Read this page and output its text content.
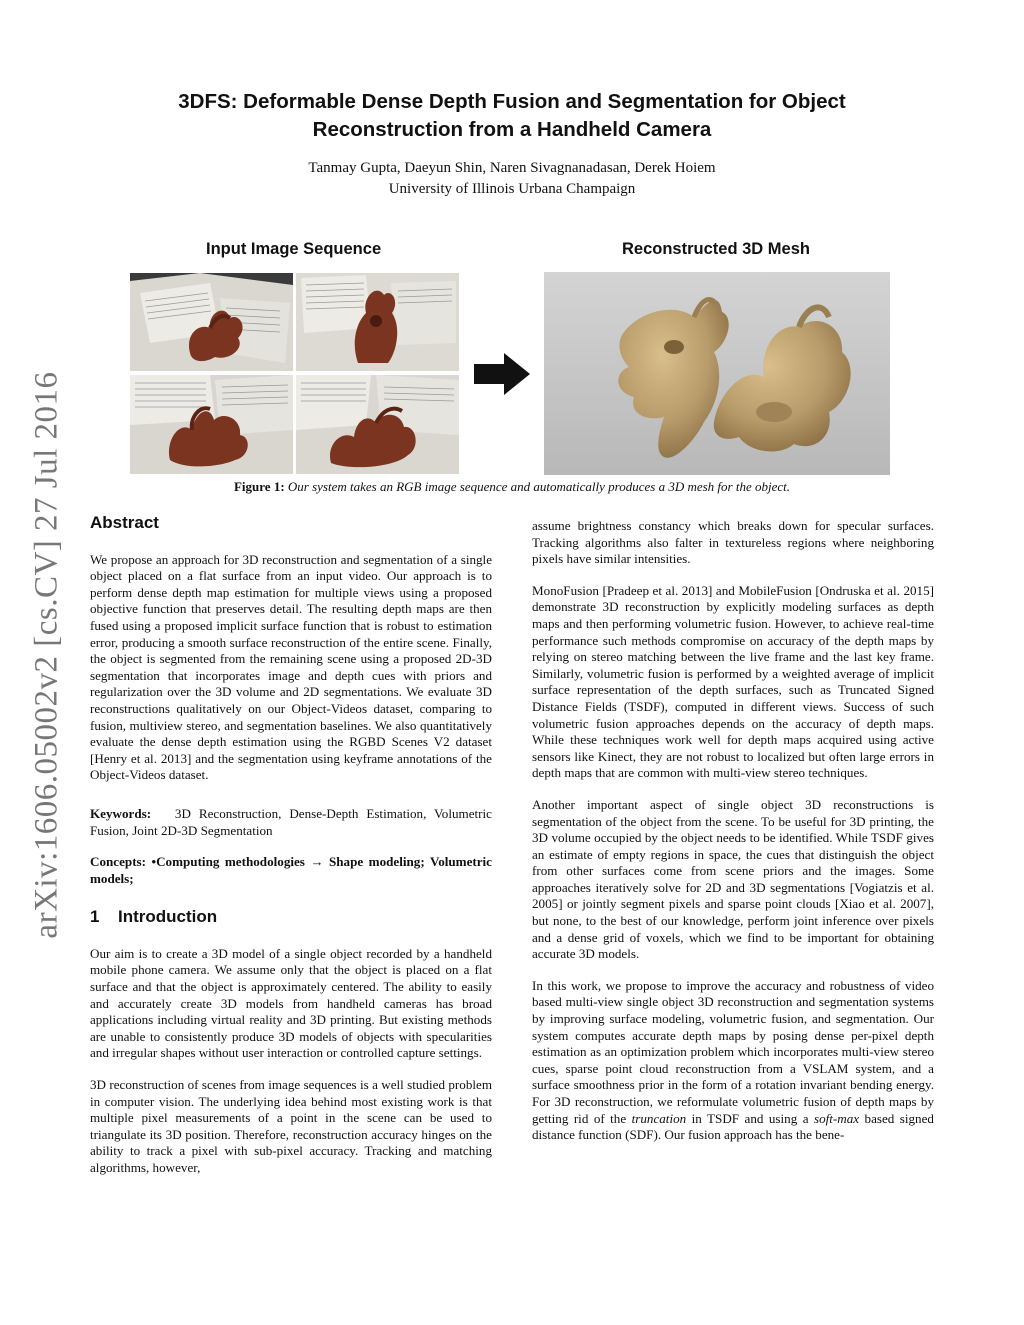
arXiv:1606.05002v2 [cs.CV] 27 Jul 2016
3DFS: Deformable Dense Depth Fusion and Segmentation for Object
Reconstruction from a Handheld Camera
Tanmay Gupta, Daeyun Shin, Naren Sivagnanadasan, Derek Hoiem
University of Illinois Urbana Champaign
Input Image Sequence	Reconstructed 3D Mesh
Figure 1: Our system takes an RGB image sequence and automatically produces a 3D mesh for the object.
Abstract

We propose an approach for 3D reconstruction and segmentation of a single object placed on a flat surface from an input video. Our approach is to perform dense depth map estimation for multiple views using a proposed objective function that preserves detail. The resulting depth maps are then fused using a proposed implicit surface function that is robust to estimation error, producing a smooth surface reconstruction of the entire scene. Finally, the object is segmented from the remaining scene using a proposed 2D-3D segmentation that incorporates image and depth cues with priors and regularization over the 3D volume and 2D segmentations. We evaluate 3D reconstructions qualitatively on our Object-Videos dataset, comparing to fusion, multiview stereo, and segmentation baselines. We also quantitatively evaluate the dense depth estimation using the RGBD Scenes V2 dataset [Henry et al. 2013] and the segmentation using keyframe annotations of the Object-Videos dataset.

Keywords: 3D Reconstruction, Dense-Depth Estimation, Volumetric Fusion, Joint 2D-3D Segmentation

Concepts: •Computing methodologies → Shape modeling; Volumetric models;

1 Introduction

Our aim is to create a 3D model of a single object recorded by a handheld mobile phone camera. We assume only that the object is placed on a flat surface and that the object is approximately centered. The ability to easily and accurately create 3D models from handheld cameras has broad applications including virtual reality and 3D printing. But existing methods are unable to consistently produce 3D models of objects with specularities and irregular shapes without user interaction or controlled capture settings.

3D reconstruction of scenes from image sequences is a well studied problem in computer vision. The underlying idea behind most existing work is that multiple pixel measurements of a point in the scene can be used to triangulate its 3D position. Therefore, reconstruction accuracy hinges on the ability to track a pixel with sub-pixel accuracy. Tracking and matching algorithms, however,

assume brightness constancy which breaks down for specular surfaces. Tracking algorithms also falter in textureless regions where neighboring pixels have similar intensities.

MonoFusion [Pradeep et al. 2013] and MobileFusion [Ondruska et al. 2015] demonstrate 3D reconstruction by explicitly modeling surfaces as depth maps and then performing volumetric fusion. However, to achieve real-time performance such methods compromise on accuracy of the depth maps by relying on stereo matching between the live frame and the last key frame. Similarly, volumetric fusion is performed by a weighted average of implicit surface representation of the depth surfaces, such as Truncated Signed Distance Fields (TSDF), computed in different views. Success of such volumetric fusion approaches depends on the accuracy of depth maps. While these techniques work well for depth maps acquired using active sensors like Kinect, they are not robust to localized but often large errors in depth maps that are common with multi-view stereo techniques.

Another important aspect of single object 3D reconstructions is segmentation of the object from the scene. To be useful for 3D printing, the 3D volume occupied by the object needs to be identified. While TSDF gives an estimate of empty regions in space, the cues that distinguish the object from other surfaces come from scene priors and the images. Some approaches iteratively solve for 2D and 3D segmentations [Vogiatzis et al. 2005] or jointly segment pixels and sparse point clouds [Xiao et al. 2007], but none, to the best of our knowledge, perform joint inference over pixels and a dense grid of voxels, which we find to be important for obtaining accurate 3D models.

In this work, we propose to improve the accuracy and robustness of video based multi-view single object 3D reconstruction and segmentation systems by improving surface modeling, volumetric fusion, and segmentation. Our system computes accurate depth maps by posing dense per-pixel depth estimation as an optimization problem which incorporates multi-view stereo cues, sparse point cloud reconstruction from a VSLAM system, and a surface smoothness prior in the form of a rotation invariant bending energy. For 3D reconstruction, we reformulate volumetric fusion of depth maps by getting rid of the truncation in TSDF and using a soft-max based signed distance function (SDF). Our fusion approach has the bene-
